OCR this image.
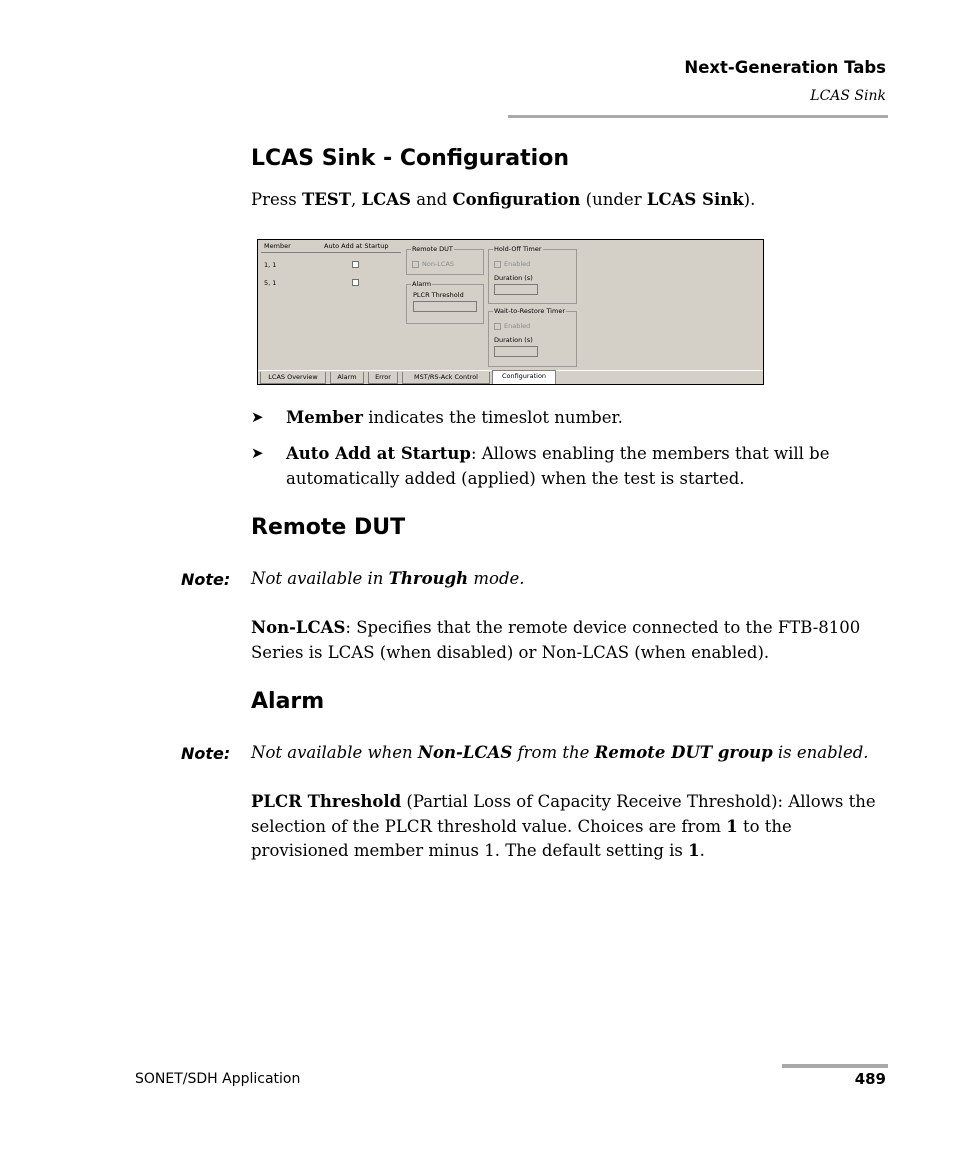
Next-Generation Tabs
LCAS Sink
LCAS Sink - Configuration
Press TEST, LCAS and Configuration (under LCAS Sink).
Member	Auto Add at Startup
1, 1
5, 1
Remote DUT
Non-LCAS
Alarm
PLCR Threshold
Hold-Off Timer
Enabled
Duration (s)
Wait-to-Restore Timer
Enabled
Duration (s)
LCAS Overview	Alarm	Error	MST/RS-Ack Control	Configuration
➤ Member indicates the timeslot number.
➤ Auto Add at Startup: Allows enabling the members that will be automatically added (applied) when the test is started.
Remote DUT
Note: Not available in Through mode.
Non-LCAS: Specifies that the remote device connected to the FTB-8100 Series is LCAS (when disabled) or Non-LCAS (when enabled).
Alarm
Note: Not available when Non-LCAS from the Remote DUT group is enabled.
PLCR Threshold (Partial Loss of Capacity Receive Threshold): Allows the selection of the PLCR threshold value. Choices are from 1 to the provisioned member minus 1. The default setting is 1.
SONET/SDH Application	489
